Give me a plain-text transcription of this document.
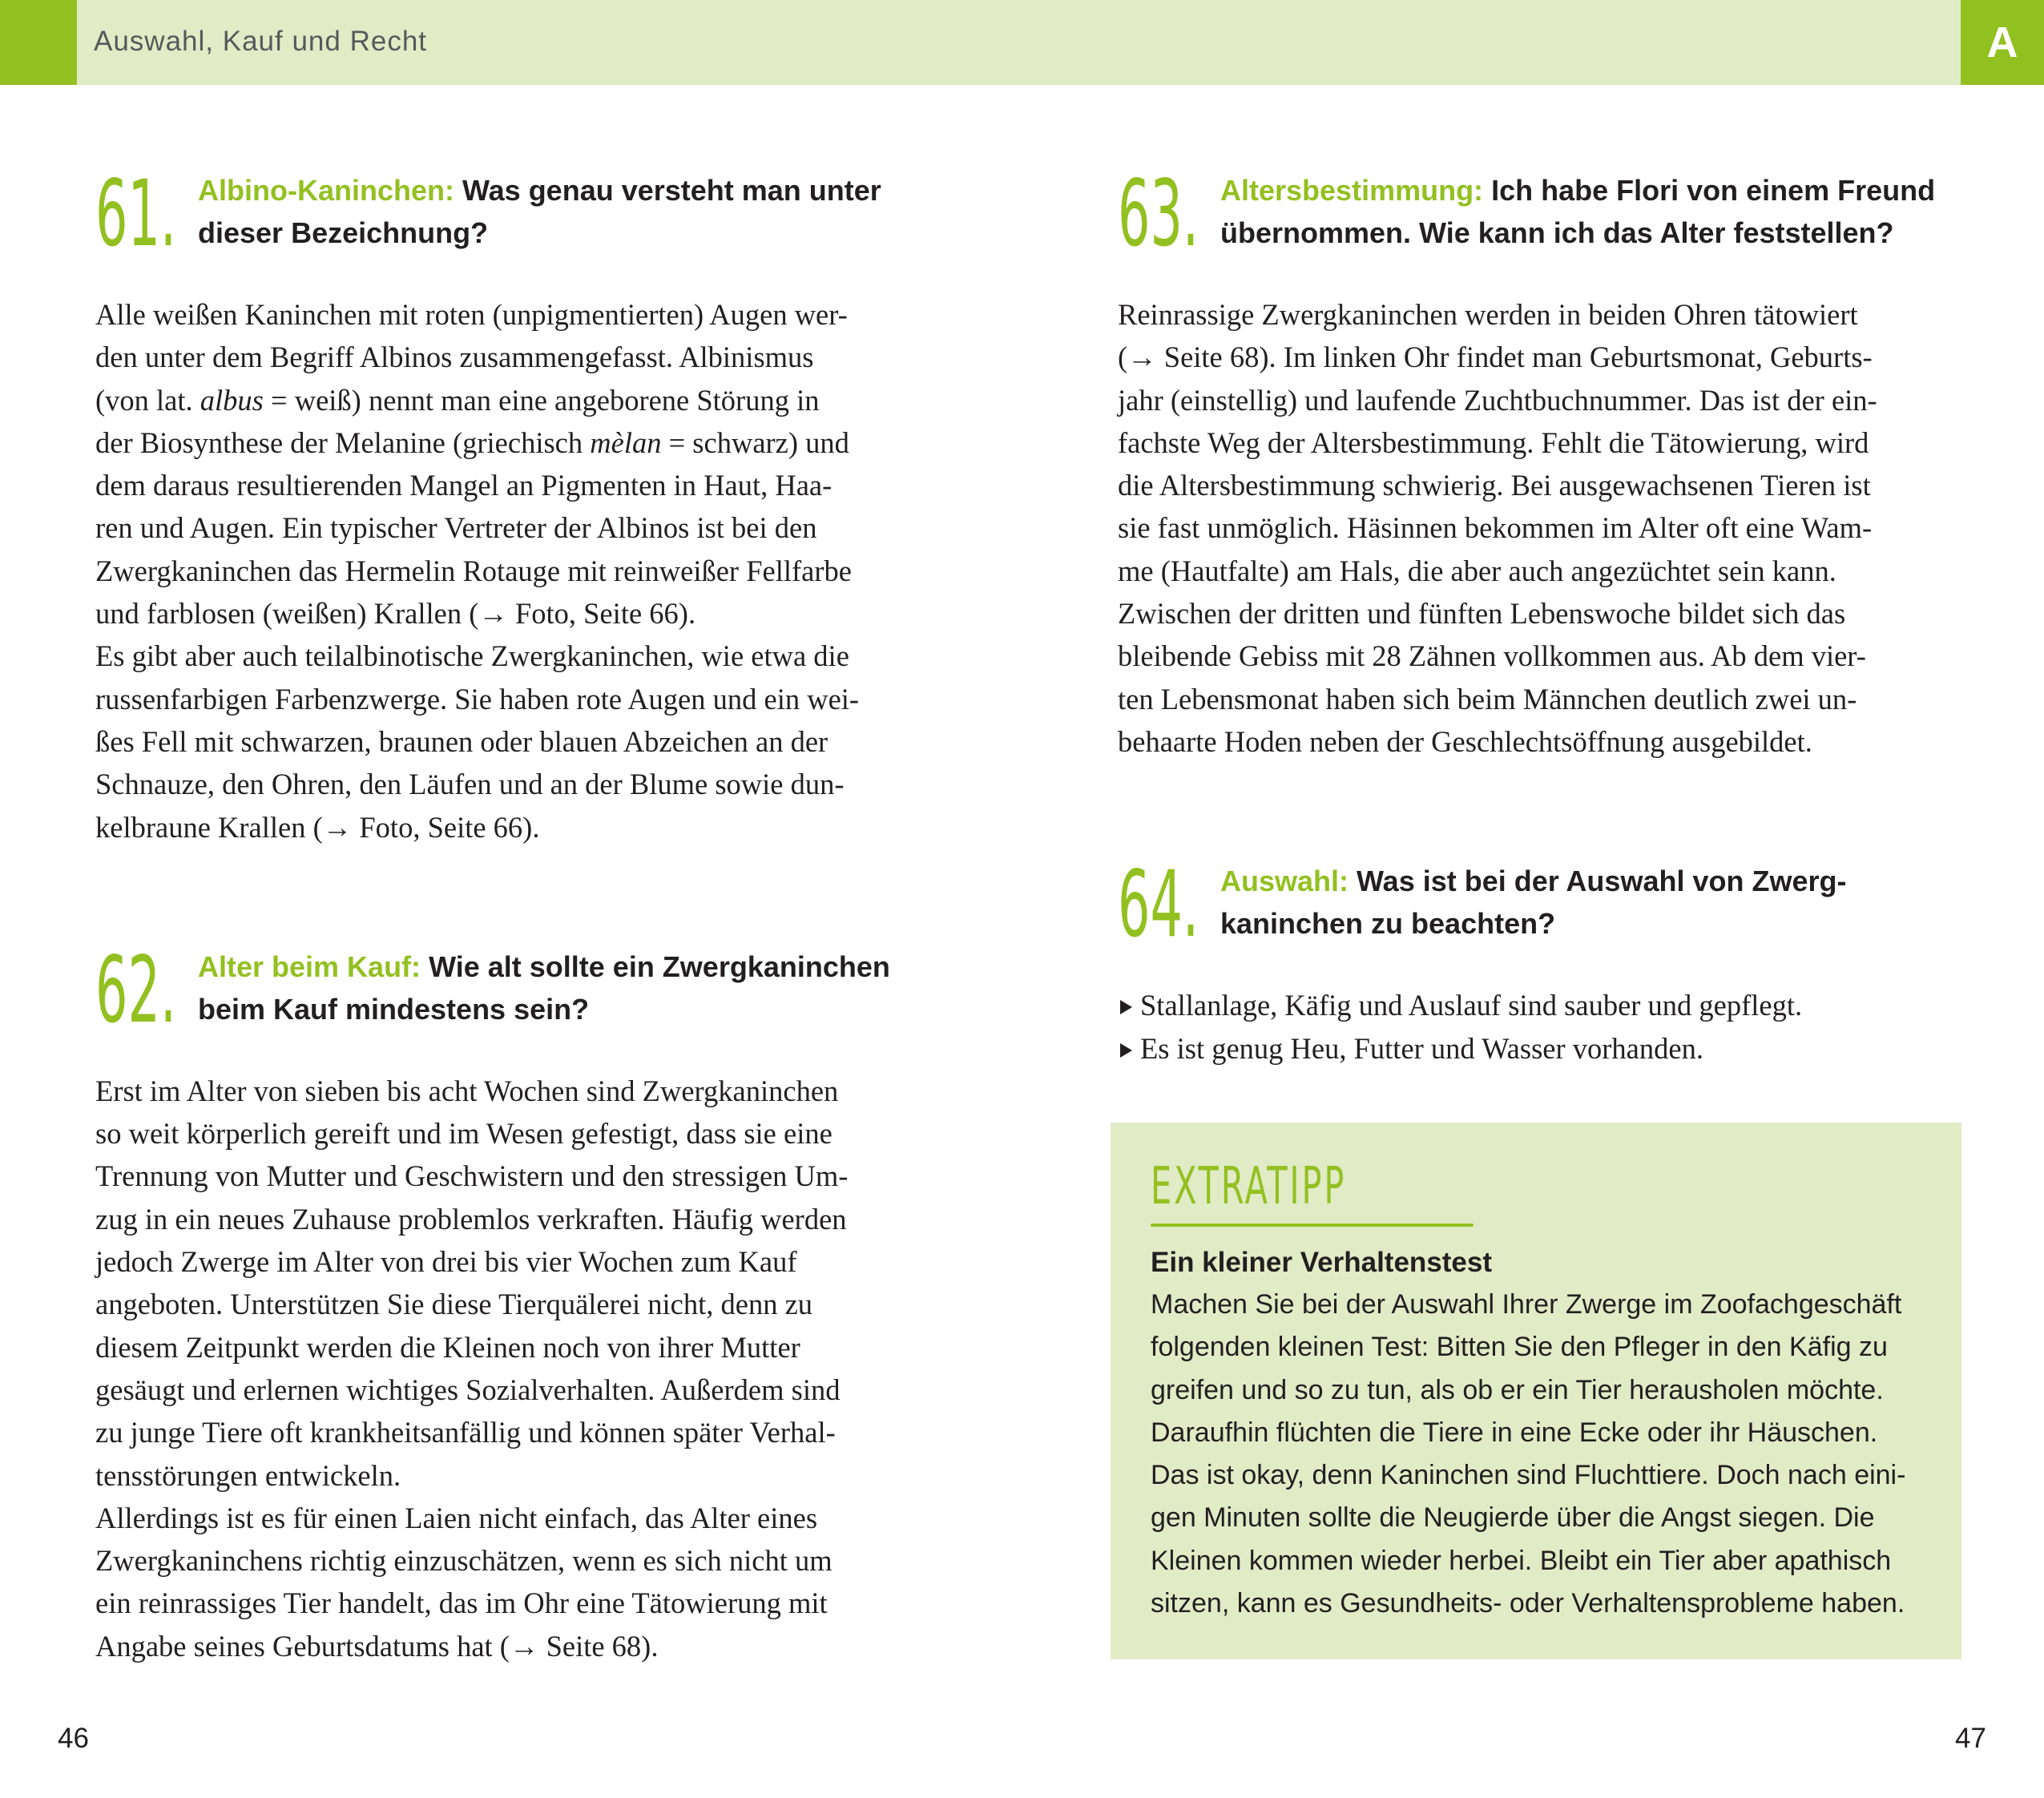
Auswahl, Kauf und Recht	A
61. Albino-Kaninchen: Was genau versteht man unter dieser Bezeichnung?

Alle weißen Kaninchen mit roten (unpigmentierten) Augen wer-

den unter dem Begriff Albinos zusammengefasst. Albinismus

(von lat. albus = weiß) nennt man eine angeborene Störung in

der Biosynthese der Melanine (griechisch mèlan = schwarz) und

dem daraus resultierenden Mangel an Pigmenten in Haut, Haa-

ren und Augen. Ein typischer Vertreter der Albinos ist bei den

Zwergkaninchen das Hermelin Rotauge mit reinweißer Fellfarbe

und farblosen (weißen) Krallen (→ Foto, Seite 66).

Es gibt aber auch teilalbinotische Zwergkaninchen, wie etwa die

russenfarbigen Farbenzwerge. Sie haben rote Augen und ein wei-

ßes Fell mit schwarzen, braunen oder blauen Abzeichen an der

Schnauze, den Ohren, den Läufen und an der Blume sowie dun-

kelbraune Krallen (→ Foto, Seite 66).

62. Alter beim Kauf: Wie alt sollte ein Zwergkaninchen beim Kauf mindestens sein?

Erst im Alter von sieben bis acht Wochen sind Zwergkaninchen

so weit körperlich gereift und im Wesen gefestigt, dass sie eine

Trennung von Mutter und Geschwistern und den stressigen Um-

zug in ein neues Zuhause problemlos verkraften. Häufig werden

jedoch Zwerge im Alter von drei bis vier Wochen zum Kauf

angeboten. Unterstützen Sie diese Tierquälerei nicht, denn zu

diesem Zeitpunkt werden die Kleinen noch von ihrer Mutter

gesäugt und erlernen wichtiges Sozialverhalten. Außerdem sind

zu junge Tiere oft krankheitsanfällig und können später Verhal-

tensstörungen entwickeln.

Allerdings ist es für einen Laien nicht einfach, das Alter eines

Zwergkaninchens richtig einzuschätzen, wenn es sich nicht um

ein reinrassiges Tier handelt, das im Ohr eine Tätowierung mit

Angabe seines Geburtsdatums hat (→ Seite 68).

63. Altersbestimmung: Ich habe Flori von einem Freund übernommen. Wie kann ich das Alter feststellen?

Reinrassige Zwergkaninchen werden in beiden Ohren tätowiert

(→ Seite 68). Im linken Ohr findet man Geburtsmonat, Geburts-

jahr (einstellig) und laufende Zuchtbuchnummer. Das ist der ein-

fachste Weg der Altersbestimmung. Fehlt die Tätowierung, wird

die Altersbestimmung schwierig. Bei ausgewachsenen Tieren ist

sie fast unmöglich. Häsinnen bekommen im Alter oft eine Wam-

me (Hautfalte) am Hals, die aber auch angezüchtet sein kann.

Zwischen der dritten und fünften Lebenswoche bildet sich das

bleibende Gebiss mit 28 Zähnen vollkommen aus. Ab dem vier-

ten Lebensmonat haben sich beim Männchen deutlich zwei un-

behaarte Hoden neben der Geschlechtsöffnung ausgebildet.

64. Auswahl: Was ist bei der Auswahl von Zwerg-kaninchen zu beachten?
Stallanlage, Käfig und Auslauf sind sauber und gepflegt.
Es ist genug Heu, Futter und Wasser vorhanden.
EXTRATIPP
Ein kleiner Verhaltenstest
Machen Sie bei der Auswahl Ihrer Zwerge im Zoofachgeschäft
folgenden kleinen Test: Bitten Sie den Pfleger in den Käfig zu
greifen und so zu tun, als ob er ein Tier herausholen möchte.
Daraufhin flüchten die Tiere in eine Ecke oder ihr Häuschen.
Das ist okay, denn Kaninchen sind Fluchttiere. Doch nach eini-
gen Minuten sollte die Neugierde über die Angst siegen. Die
Kleinen kommen wieder herbei. Bleibt ein Tier aber apathisch
sitzen, kann es Gesundheits- oder Verhaltensprobleme haben.
46	47
